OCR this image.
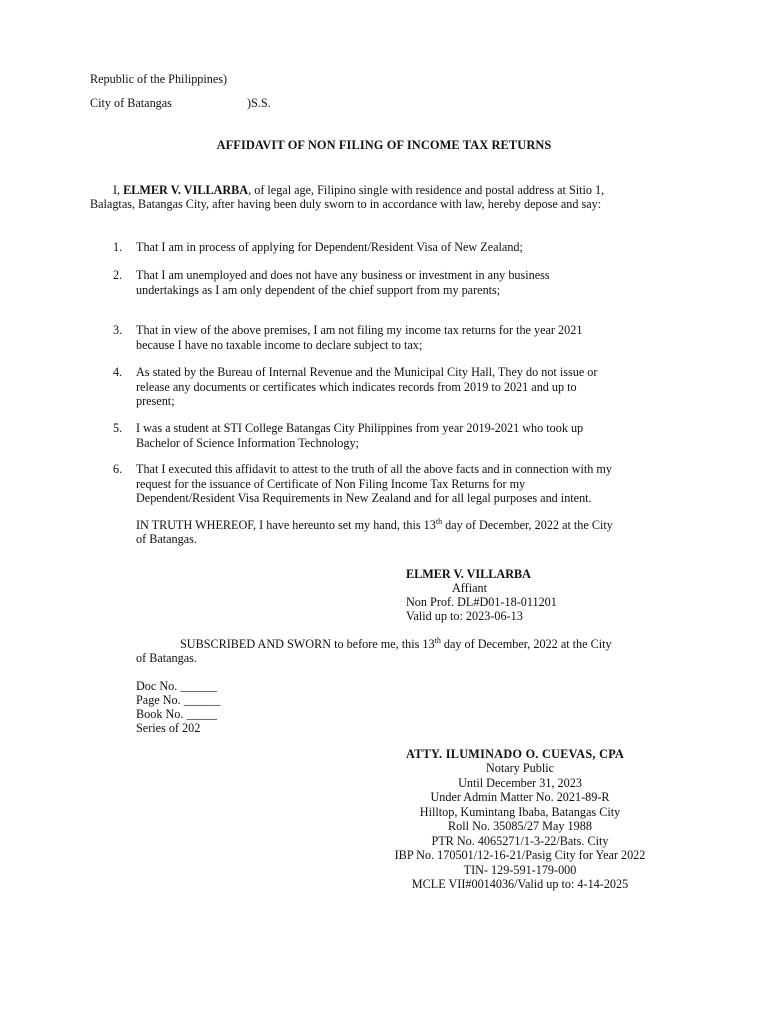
Republic of the Philippines)
City of Batangas	)S.S.
AFFIDAVIT OF NON FILING OF INCOME TAX RETURNS
I, ELMER V. VILLARBA, of legal age, Filipino single with residence and postal address at Sitio 1,
Balagtas, Batangas City, after having been duly sworn to in accordance with law, hereby depose and say:
1. That I am in process of applying for Dependent/Resident Visa of New Zealand;
2. That I am unemployed and does not have any business or investment in any business
undertakings as I am only dependent of the chief support from my parents;
3. That in view of the above premises, I am not filing my income tax returns for the year 2021
because I have no taxable income to declare subject to tax;
4. As stated by the Bureau of Internal Revenue and the Municipal City Hall, They do not issue or
release any documents or certificates which indicates records from 2019 to 2021 and up to
present;
5. I was a student at STI College Batangas City Philippines from year 2019-2021 who took up
Bachelor of Science Information Technology;
6. That I executed this affidavit to attest to the truth of all the above facts and in connection with my
request for the issuance of Certificate of Non Filing Income Tax Returns for my
Dependent/Resident Visa Requirements in New Zealand and for all legal purposes and intent.
IN TRUTH WHEREOF, I have hereunto set my hand, this 13th day of December, 2022 at the City
of Batangas.
ELMER V. VILLARBA
Affiant
Non Prof. DL#D01-18-011201
Valid up to: 2023-06-13
SUBSCRIBED AND SWORN to before me, this 13th day of December, 2022 at the City
of Batangas.
Doc No. ______
Page No. ______
Book No. _____
Series of 202
ATTY. ILUMINADO O. CUEVAS, CPA
Notary Public
Until December 31, 2023
Under Admin Matter No. 2021-89-R
Hilltop, Kumintang Ibaba, Batangas City
Roll No. 35085/27 May 1988
PTR No. 4065271/1-3-22/Bats. City
IBP No. 170501/12-16-21/Pasig City for Year 2022
TIN- 129-591-179-000
MCLE VII#0014036/Valid up to: 4-14-2025
